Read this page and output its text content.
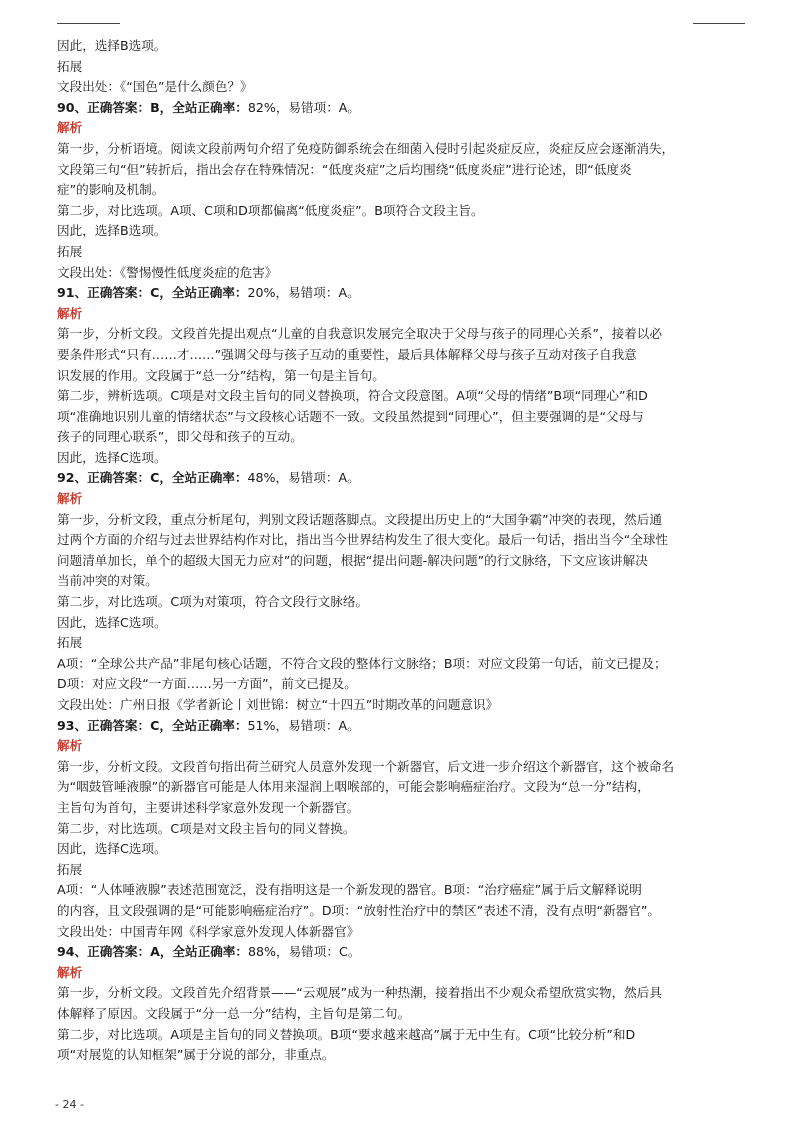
因此，选择B选项。
拓展
文段出处：《“国色”是什么颜色？》
90、正确答案：B，全站正确率：82%，易错项：A。
解析
第一步，分析语境。阅读文段前两句介绍了免疫防御系统会在细菌入侵时引起炎症反应，炎症反应会逐渐消失，
文段第三句“但”转折后，指出会存在特殊情况：“低度炎症”之后均围绕“低度炎症”进行论述，即“低度炎
症”的影响及机制。
第二步，对比选项。A项、C项和D项都偏离“低度炎症”。B项符合文段主旨。
因此，选择B选项。
拓展
文段出处：《警惕慢性低度炎症的危害》
91、正确答案：C，全站正确率：20%，易错项：A。
解析
第一步，分析文段。文段首先提出观点“儿童的自我意识发展完全取决于父母与孩子的同理心关系”，接着以必
要条件形式“只有……才……”强调父母与孩子互动的重要性，最后具体解释父母与孩子互动对孩子自我意
识发展的作用。文段属于“总一分”结构，第一句是主旨句。
第二步，辨析选项。C项是对文段主旨句的同义替换项，符合文段意图。A项“父母的情绪”B项“同理心”和D
项“准确地识别儿童的情绪状态”与文段核心话题不一致。文段虽然提到“同理心”，但主要强调的是“父母与
孩子的同理心联系”，即父母和孩子的互动。
因此，选择C选项。
92、正确答案：C，全站正确率：48%，易错项：A。
解析
第一步，分析文段，重点分析尾句，判别文段话题落脚点。文段提出历史上的“大国争霸”冲突的表现，然后通
过两个方面的介绍与过去世界结构作对比，指出当今世界结构发生了很大变化。最后一句话，指出当今“全球性
问题清单加长，单个的超级大国无力应对”的问题，根据“提出问题-解决问题”的行文脉络，下文应该讲解决
当前冲突的对策。
第二步，对比选项。C项为对策项，符合文段行文脉络。
因此，选择C选项。
拓展
A项：“全球公共产品”非尾句核心话题，不符合文段的整体行文脉络；B项：对应文段第一句话，前文已提及；
D项：对应文段“一方面……另一方面”，前文已提及。
文段出处：广州日报《学者新论丨刘世锦：树立“十四五”时期改革的问题意识》
93、正确答案：C，全站正确率：51%，易错项：A。
解析
第一步，分析文段。文段首句指出荷兰研究人员意外发现一个新器官，后文进一步介绍这个新器官，这个被命名
为“咽鼓管唾液腺”的新器官可能是人体用来湿润上咽喉部的，可能会影响癌症治疗。文段为“总一分”结构，
主旨句为首句，主要讲述科学家意外发现一个新器官。
第二步，对比选项。C项是对文段主旨句的同义替换。
因此，选择C选项。
拓展
A项：“人体唾液腺”表述范围宽泛，没有指明这是一个新发现的器官。B项：“治疗癌症”属于后文解释说明
的内容，且文段强调的是“可能影响癌症治疗”。D项：“放射性治疗中的禁区”表述不清，没有点明“新器官”。
文段出处：中国青年网《科学家意外发现人体新器官》
94、正确答案：A，全站正确率：88%，易错项：C。
解析
第一步，分析文段。文段首先介绍背景——“云观展”成为一种热潮，接着指出不少观众希望欣赏实物，然后具
体解释了原因。文段属于“分一总一分”结构，主旨句是第二句。
第二步，对比选项。A项是主旨句的同义替换项。B项“要求越来越高”属于无中生有。C项“比较分析”和D
项“对展览的认知框架”属于分说的部分，非重点。
- 24 -
